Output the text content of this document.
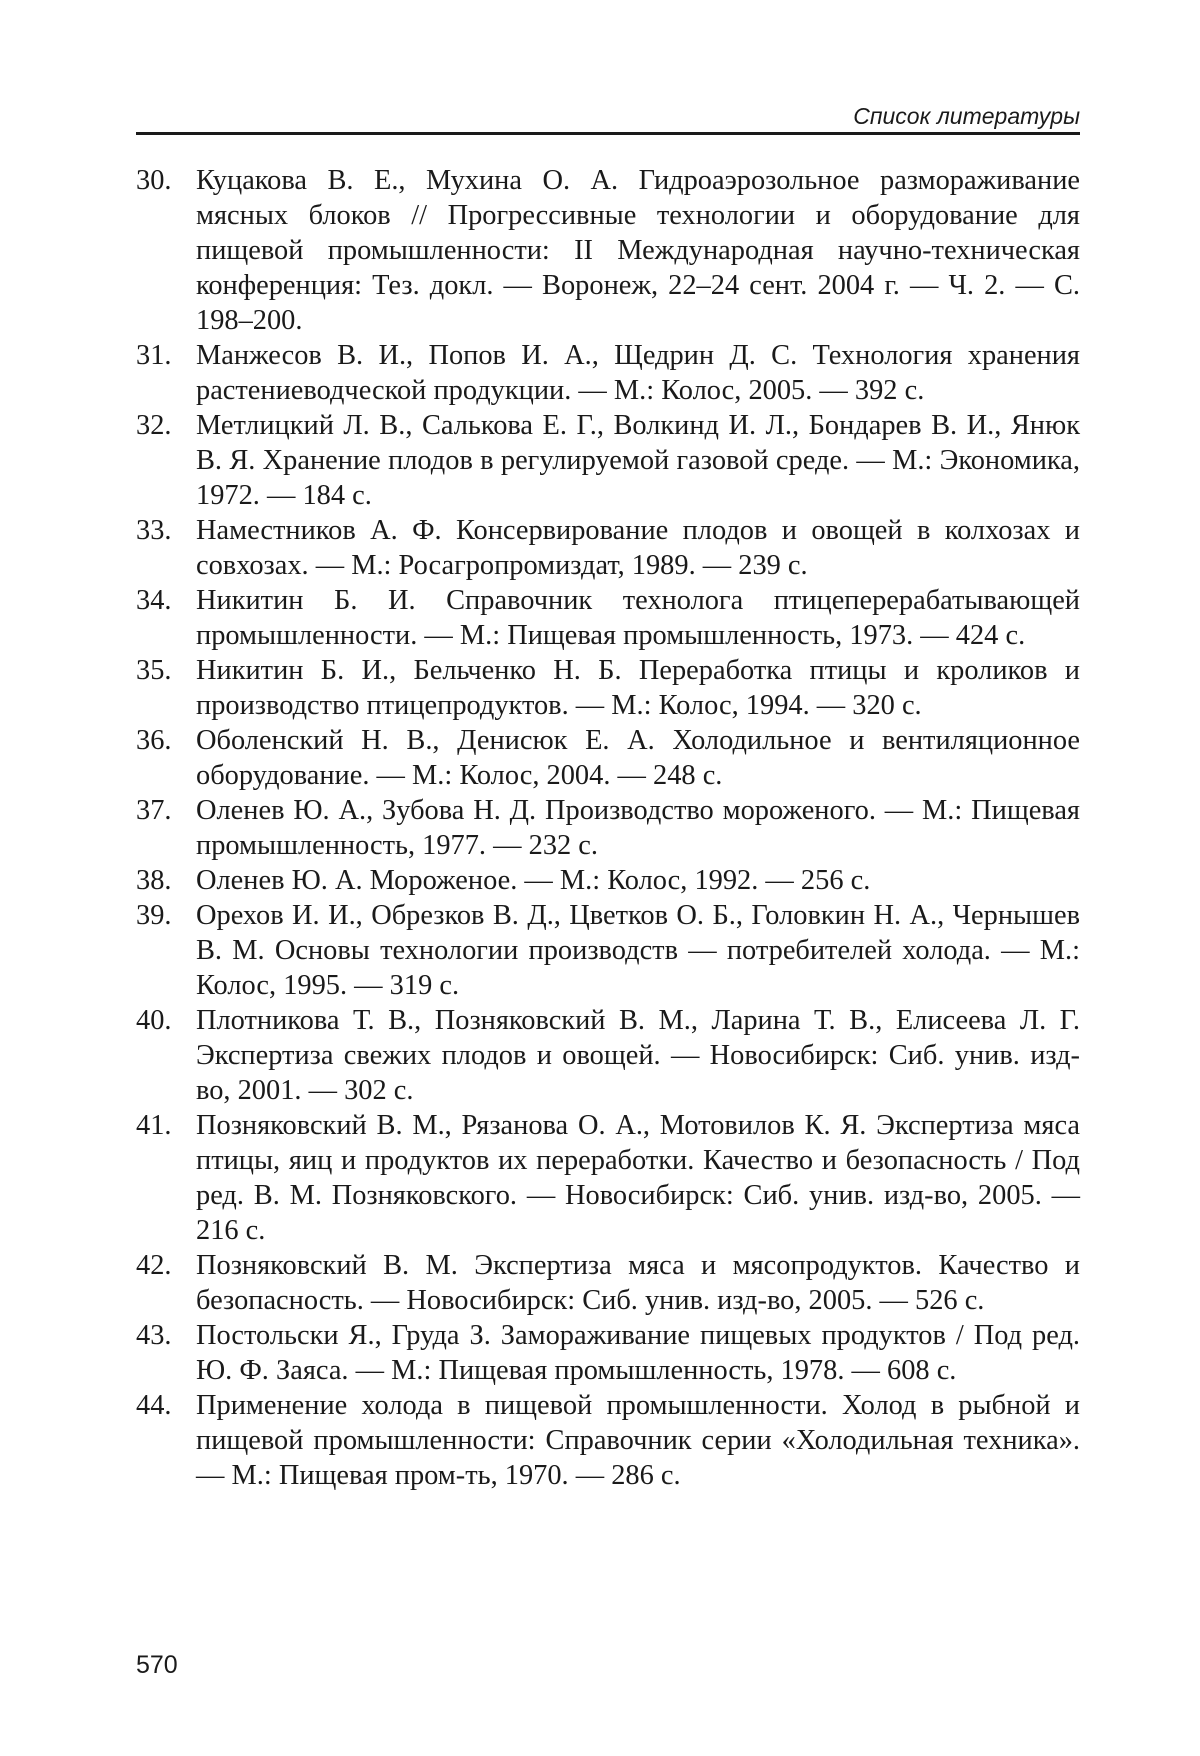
Список литературы
30. Куцакова В. Е., Мухина О. А. Гидроаэрозольное размораживание мясных блоков // Прогрессивные технологии и оборудование для пищевой промышленности: II Международная научно-техническая конференция: Тез. докл. — Воронеж, 22–24 сент. 2004 г. — Ч. 2. — С. 198–200.
31. Манжесов В. И., Попов И. А., Щедрин Д. С. Технология хранения растениеводческой продукции. — М.: Колос, 2005. — 392 с.
32. Метлицкий Л. В., Салькова Е. Г., Волкинд И. Л., Бондарев В. И., Янюк В. Я. Хранение плодов в регулируемой газовой среде. — М.: Экономика, 1972. — 184 с.
33. Наместников А. Ф. Консервирование плодов и овощей в колхозах и совхозах. — М.: Росагропромиздат, 1989. — 239 с.
34. Никитин Б. И. Справочник технолога птицеперерабатывающей промышленности. — М.: Пищевая промышленность, 1973. — 424 с.
35. Никитин Б. И., Бельченко Н. Б. Переработка птицы и кроликов и производство птицепродуктов. — М.: Колос, 1994. — 320 с.
36. Оболенский Н. В., Денисюк Е. А. Холодильное и вентиляционное оборудование. — М.: Колос, 2004. — 248 с.
37. Оленев Ю. А., Зубова Н. Д. Производство мороженого. — М.: Пищевая промышленность, 1977. — 232 с.
38. Оленев Ю. А. Мороженое. — М.: Колос, 1992. — 256 с.
39. Орехов И. И., Обрезков В. Д., Цветков О. Б., Головкин Н. А., Чернышев В. М. Основы технологии производств — потребителей холода. — М.: Колос, 1995. — 319 с.
40. Плотникова Т. В., Позняковский В. М., Ларина Т. В., Елисеева Л. Г. Экспертиза свежих плодов и овощей. — Новосибирск: Сиб. унив. изд-во, 2001. — 302 с.
41. Позняковский В. М., Рязанова О. А., Мотовилов К. Я. Экспертиза мяса птицы, яиц и продуктов их переработки. Качество и безопасность / Под ред. В. М. Позняковского. — Новосибирск: Сиб. унив. изд-во, 2005. — 216 с.
42. Позняковский В. М. Экспертиза мяса и мясопродуктов. Качество и безопасность. — Новосибирск: Сиб. унив. изд-во, 2005. — 526 с.
43. Постольски Я., Груда З. Замораживание пищевых продуктов / Под ред. Ю. Ф. Заяса. — М.: Пищевая промышленность, 1978. — 608 с.
44. Применение холода в пищевой промышленности. Холод в рыбной и пищевой промышленности: Справочник серии «Холодильная техника». — М.: Пищевая пром-ть, 1970. — 286 с.
570
